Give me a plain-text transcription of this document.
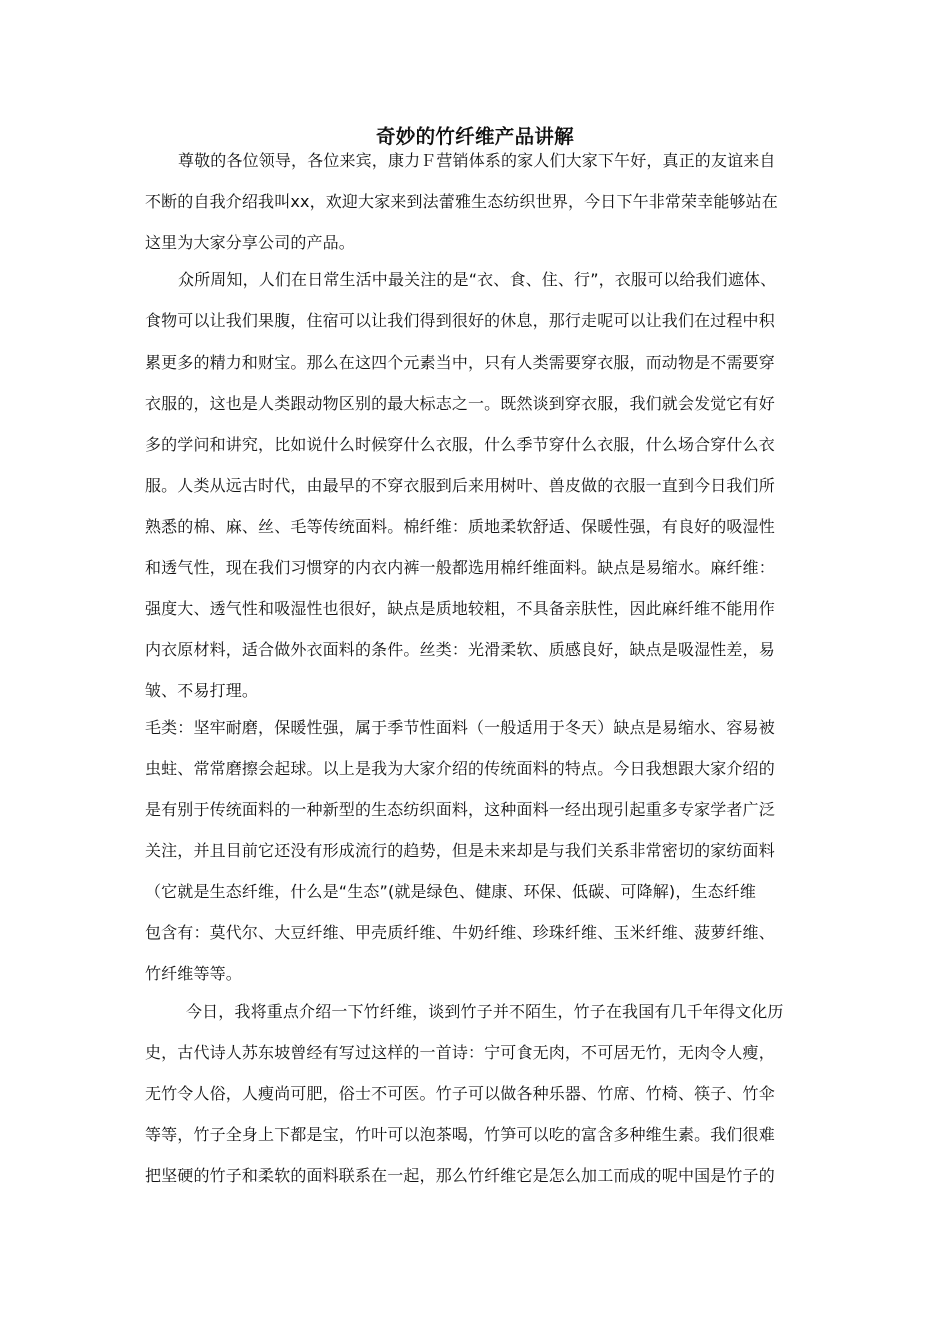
奇妙的竹纤维产品讲解
尊敬的各位领导，各位来宾，康力Ｆ营销体系的家人们大家下午好，真正的友谊来自
不断的自我介绍我叫xx，欢迎大家来到法蕾雅生态纺织世界，今日下午非常荣幸能够站在
这里为大家分享公司的产品。
众所周知，人们在日常生活中最关注的是“衣、食、住、行”，衣服可以给我们遮体、
食物可以让我们果腹，住宿可以让我们得到很好的休息，那行走呢可以让我们在过程中积
累更多的精力和财宝。那么在这四个元素当中，只有人类需要穿衣服，而动物是不需要穿
衣服的，这也是人类跟动物区别的最大标志之一。既然谈到穿衣服，我们就会发觉它有好
多的学问和讲究，比如说什么时候穿什么衣服，什么季节穿什么衣服，什么场合穿什么衣
服。人类从远古时代，由最早的不穿衣服到后来用树叶、兽皮做的衣服一直到今日我们所
熟悉的棉、麻、丝、毛等传统面料。棉纤维：质地柔软舒适、保暖性强，有良好的吸湿性
和透气性，现在我们习惯穿的内衣内裤一般都选用棉纤维面料。缺点是易缩水。麻纤维：
强度大、透气性和吸湿性也很好，缺点是质地较粗，不具备亲肤性，因此麻纤维不能用作
内衣原材料，适合做外衣面料的条件。丝类：光滑柔软、质感良好，缺点是吸湿性差，易
皱、不易打理。
毛类：坚牢耐磨，保暖性强，属于季节性面料（一般适用于冬天）缺点是易缩水、容易被
虫蛀、常常磨擦会起球。以上是我为大家介绍的传统面料的特点。今日我想跟大家介绍的
是有别于传统面料的一种新型的生态纺织面料，这种面料一经出现引起重多专家学者广泛
关注，并且目前它还没有形成流行的趋势，但是未来却是与我们关系非常密切的家纺面料
（它就是生态纤维，什么是“生态”(就是绿色、健康、环保、低碳、可降解)，生态纤维
包含有：莫代尔、大豆纤维、甲壳质纤维、牛奶纤维、珍珠纤维、玉米纤维、菠萝纤维、
竹纤维等等。
今日，我将重点介绍一下竹纤维，谈到竹子并不陌生，竹子在我国有几千年得文化历
史，古代诗人苏东坡曾经有写过这样的一首诗：宁可食无肉，不可居无竹，无肉令人瘦，
无竹令人俗，人瘦尚可肥，俗士不可医。竹子可以做各种乐器、竹席、竹椅、筷子、竹伞
等等，竹子全身上下都是宝，竹叶可以泡茶喝，竹笋可以吃的富含多种维生素。我们很难
把坚硬的竹子和柔软的面料联系在一起，那么竹纤维它是怎么加工而成的呢中国是竹子的
